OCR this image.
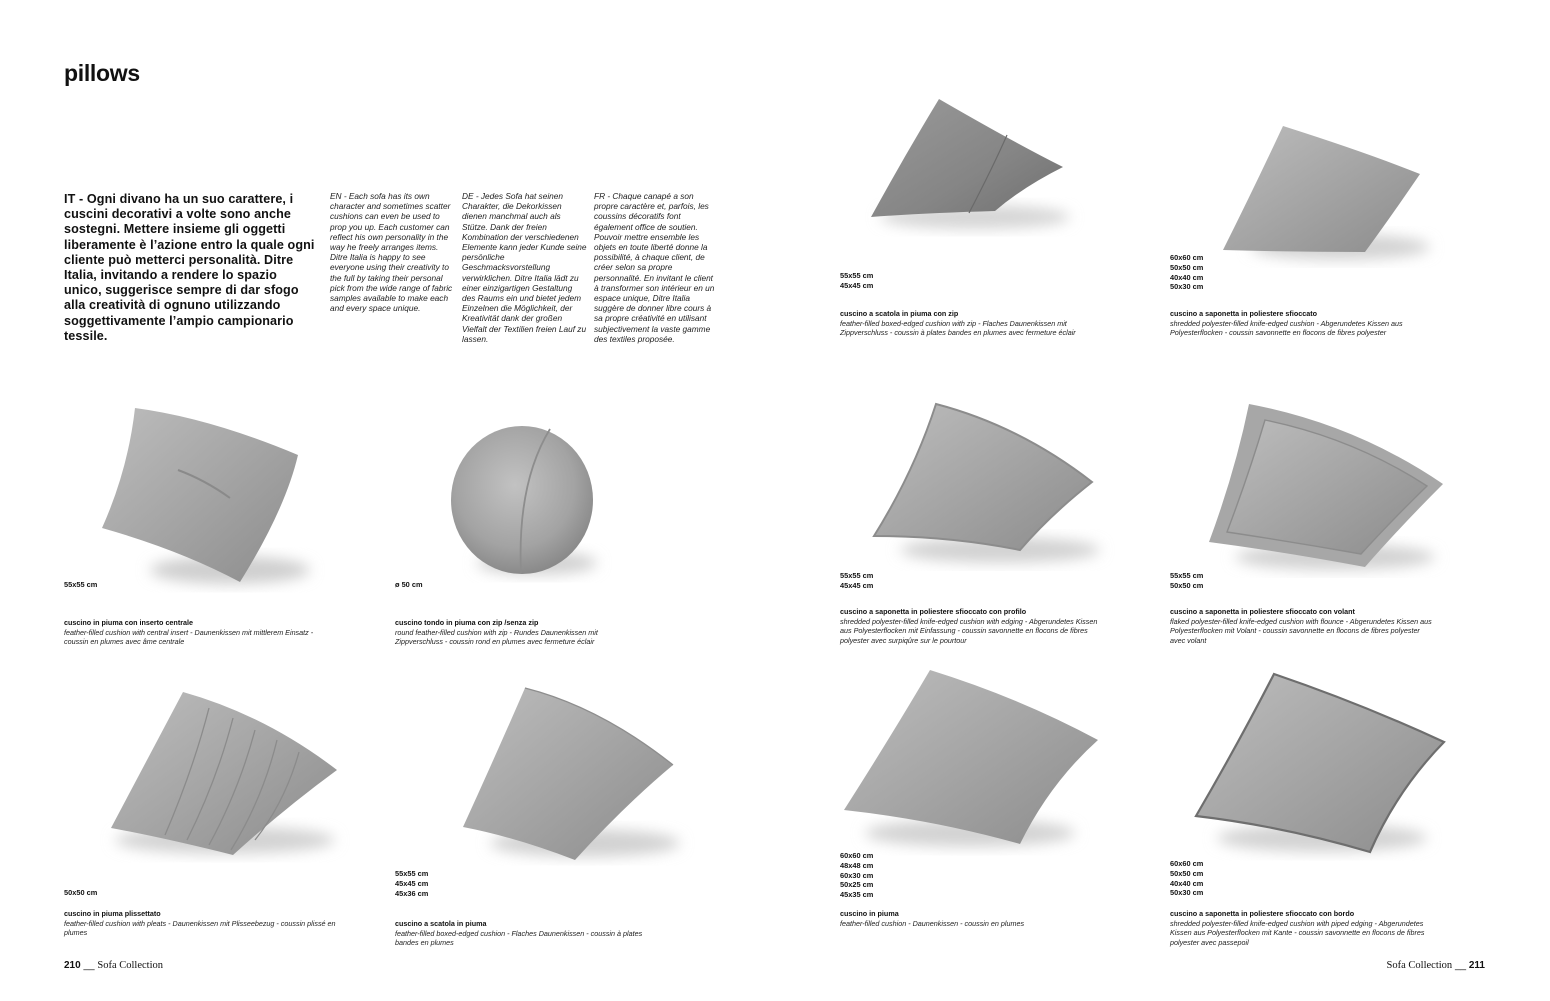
pillows

IT - Ogni divano ha un suo carattere, i cuscini decorativi a volte sono anche sostegni. Mettere insieme gli oggetti liberamente è l’azione entro la quale ogni cliente può metterci personalità. Ditre Italia, invitando a rendere lo spazio unico, suggerisce sempre di dar sfogo alla creatività di ognuno utilizzando soggettivamente l’ampio campionario tessile.

EN - Each sofa has its own character and sometimes scatter cushions can even be used to prop you up. Each customer can reflect his own personality in the way he freely arranges items. Ditre Italia is happy to see everyone using their creativity to the full by taking their personal pick from the wide range of fabric samples available to make each and every space unique.

DE - Jedes Sofa hat seinen Charakter, die Dekorkissen dienen manchmal auch als Stütze. Dank der freien Kombination der verschiedenen Elemente kann jeder Kunde seine persönliche Geschmacksvorstellung verwirklichen. Ditre Italia lädt zu einer einzigartigen Gestaltung des Raums ein und bietet jedem Einzelnen die Möglichkeit, der Kreativität dank der großen Vielfalt der Textilien freien Lauf zu lassen.

FR - Chaque canapé a son propre caractère et, parfois, les coussins décoratifs font également office de soutien. Pouvoir mettre ensemble les objets en toute liberté donne la possibilité, à chaque client, de créer selon sa propre personnalité. En invitant le client à transformer son intérieur en un espace unique, Ditre Italia suggère de donner libre cours à sa propre créativité en utilisant subjectivement la vaste gamme des textiles proposée.

55x55 cm	ø 50 cm
50x50 cm
55x55 cm
45x45 cm
45x36 cm
55x55 cm
45x45 cm
60x60 cm
50x50 cm
40x40 cm
50x30 cm
55x55 cm
45x45 cm
55x55 cm
50x50 cm
60x60 cm
48x48 cm
60x30 cm
50x25 cm
45x35 cm
60x60 cm
50x50 cm
40x40 cm
50x30 cm
cuscino in piuma con inserto centrale
feather-filled cushion with central insert - Daunenkissen mit mittlerem Einsatz - coussin en plumes avec âme centrale
cuscino tondo in piuma con zip /senza zip
round feather-filled cushion with zip - Rundes Daunenkissen mit Zippverschluss - coussin rond en plumes avec fermeture éclair
cuscino in piuma plissettato
feather-filled cushion with pleats - Daunenkissen mit Plisseebezug - coussin plissé en plumes
cuscino a scatola in piuma
feather-filled boxed-edged cushion - Flaches Daunenkissen - coussin à plates bandes en plumes
cuscino a scatola in piuma con zip
feather-filled boxed-edged cushion with zip - Flaches Daunenkissen mit Zippverschluss - coussin à plates bandes en plumes avec fermeture éclair
cuscino a saponetta in poliestere sfioccato
shredded polyester-filled knife-edged cushion - Abgerundetes Kissen aus Polyesterflocken - coussin savonnette en flocons de fibres polyester
cuscino a saponetta in poliestere sfioccato con profilo
shredded polyester-filled knife-edged cushion with edging - Abgerundetes Kissen aus Polyesterflocken mit Einfassung - coussin savonnette en flocons de fibres polyester avec surpiqûre sur le pourtour
cuscino a saponetta in poliestere sfioccato con volant
flaked polyester-filled knife-edged cushion with flounce - Abgerundetes Kissen aus Polyesterflocken mit Volant - coussin savonnette en flocons de fibres polyester avec volant
cuscino in piuma
feather-filled cushion - Daunenkissen - coussin en plumes
cuscino a saponetta in poliestere sfioccato con bordo
shredded polyester-filled knife-edged cushion with piped edging - Abgerundetes Kissen aus Polyesterflocken mit Kante - coussin savonnette en flocons de fibres polyester avec passepoil
210 __ Sofa Collection	Sofa Collection __ 211
